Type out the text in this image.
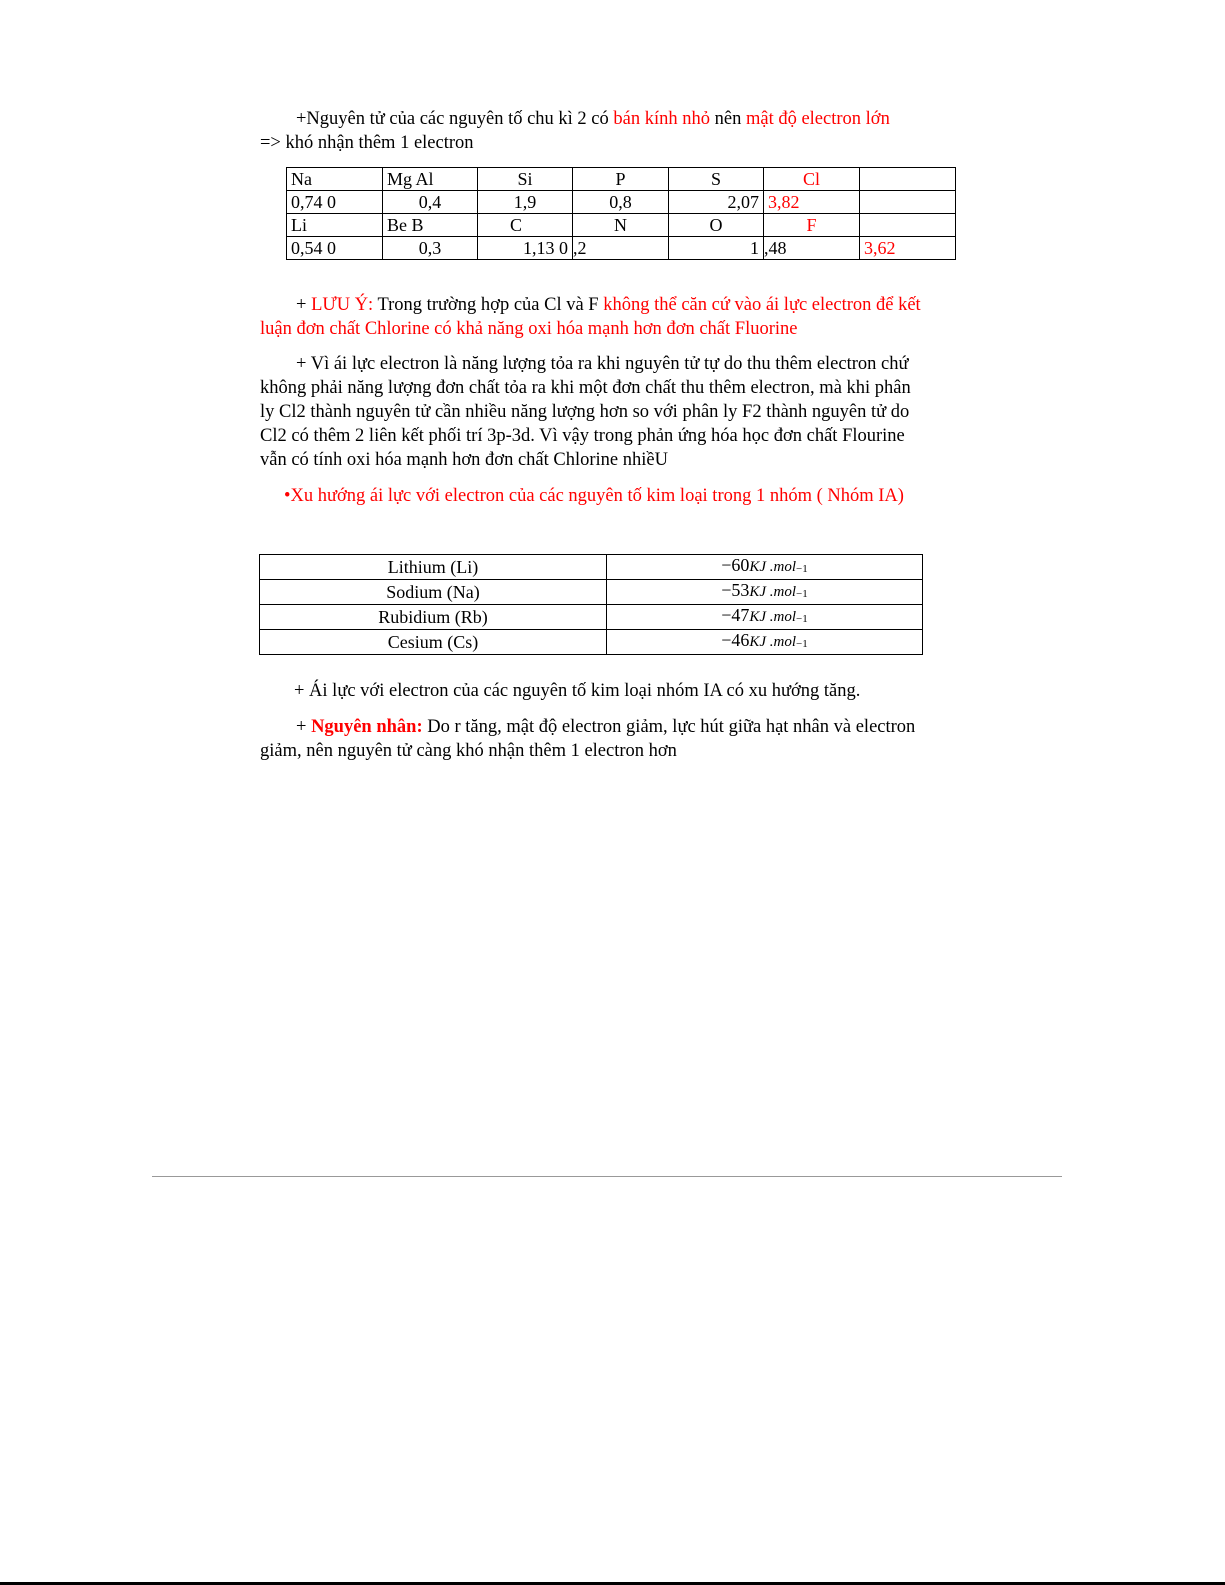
+Nguyên tử của các nguyên tố chu kì 2 có bán kính nhỏ nên mật độ electron lớn
=> khó nhận thêm 1 electron
Na	Mg Al	Si	P	S	Cl	
0,74 0	0,4	1,9	0,8	2,07	3,82	
Li	Be B	C	N	O	F	
0,54 0	0,3	1,13 0	,2	1	,48	3,62
+ LƯU Ý: Trong trường hợp của Cl và F không thể căn cứ vào ái lực electron để kết
luận đơn chất Chlorine có khả năng oxi hóa mạnh hơn đơn chất Fluorine
+ Vì ái lực electron là năng lượng tỏa ra khi nguyên tử tự do thu thêm electron chứ
không phải năng lượng đơn chất tỏa ra khi một đơn chất thu thêm electron, mà khi phân
ly Cl2 thành nguyên tử cần nhiều năng lượng hơn so với phân ly F2 thành nguyên tử do
Cl2 có thêm 2 liên kết phối trí 3p-3d. Vì vậy trong phản ứng hóa học đơn chất Flourine
vẫn có tính oxi hóa mạnh hơn đơn chất Chlorine nhiềU
•Xu hướng ái lực với electron của các nguyên tố kim loại trong 1 nhóm ( Nhóm IA)
Lithium (Li)	−60KJ .mol−1
Sodium (Na)	−53KJ .mol−1
Rubidium (Rb)	−47KJ .mol−1
Cesium (Cs)	−46KJ .mol−1
+ Ái lực với electron của các nguyên tố kim loại nhóm IA có xu hướng tăng.
+ Nguyên nhân: Do r tăng, mật độ electron giảm, lực hút giữa hạt nhân và electron
giảm, nên nguyên tử càng khó nhận thêm 1 electron hơn
